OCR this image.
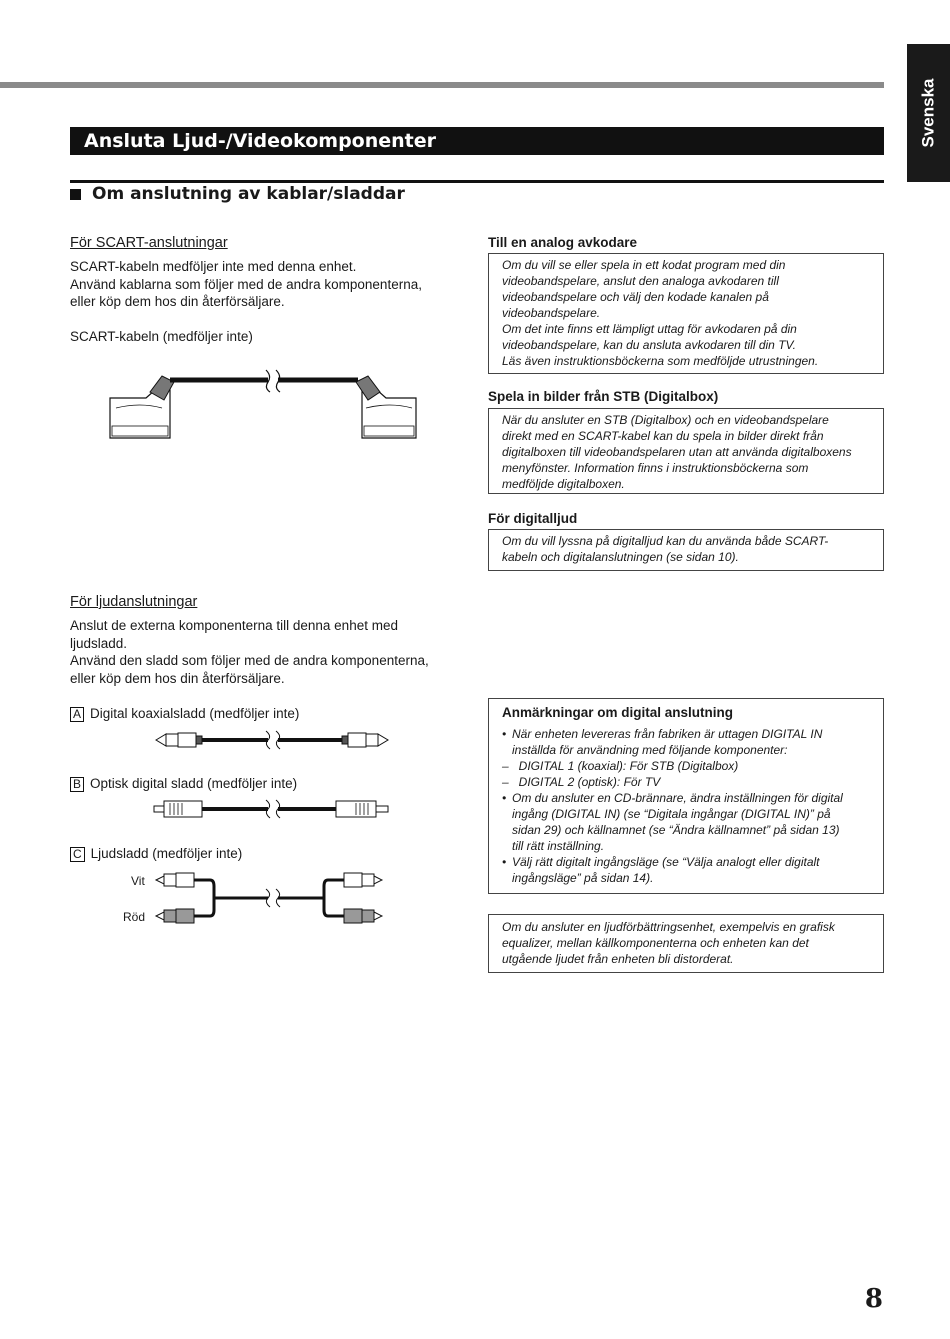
Svenska
Ansluta Ljud-/Videokomponenter
Om anslutning av kablar/sladdar
För SCART-anslutningar
SCART-kabeln medföljer inte med denna enhet.
Använd kablarna som följer med de andra komponenterna,
eller köp dem hos din återförsäljare.
SCART-kabeln (medföljer inte)
För ljudanslutningar
Anslut de externa komponenterna till denna enhet med
ljudsladd.
Använd den sladd som följer med de andra komponenterna,
eller köp dem hos din återförsäljare.
A Digital koaxialsladd (medföljer inte)
B Optisk digital sladd (medföljer inte)
C Ljudsladd (medföljer inte)
Vit
Röd
Till en analog avkodare

Om du vill se eller spela in ett kodat program med din

videobandspelare, anslut den analoga avkodaren till

videobandspelare och välj den kodade kanalen på

videobandspelare.

Om det inte finns ett lämpligt uttag för avkodaren på din

videobandspelare, kan du ansluta avkodaren till din TV.

Läs även instruktionsböckerna som medföljde utrustningen.

Spela in bilder från STB (Digitalbox)

När du ansluter en STB (Digitalbox) och en videobandspelare

direkt med en SCART-kabel kan du spela in bilder direkt från

digitalboxen till videobandspelaren utan att använda digitalboxens

menyfönster. Information finns i instruktionsböckerna som

medföljde digitalboxen.

För digitalljud

Om du vill lyssna på digitalljud kan du använda både SCART-

kabeln och digitalanslutningen (se sidan 10).

Anmärkningar om digital anslutning
• När enheten levereras från fabriken är uttagen DIGITAL IN
inställda för användning med följande komponenter:
– DIGITAL 1 (koaxial): För STB (Digitalbox)
– DIGITAL 2 (optisk): För TV
• Om du ansluter en CD-brännare, ändra inställningen för digital
ingång (DIGITAL IN) (se “Digitala ingångar (DIGITAL IN)” på
sidan 29) och källnamnet (se “Ändra källnamnet” på sidan 13)
till rätt inställning.
• Välj rätt digitalt ingångsläge (se “Välja analogt eller digitalt
ingångsläge” på sidan 14).

Om du ansluter en ljudförbättringsenhet, exempelvis en grafisk

equalizer, mellan källkomponenterna och enheten kan det

utgående ljudet från enheten bli distorderat.

8
